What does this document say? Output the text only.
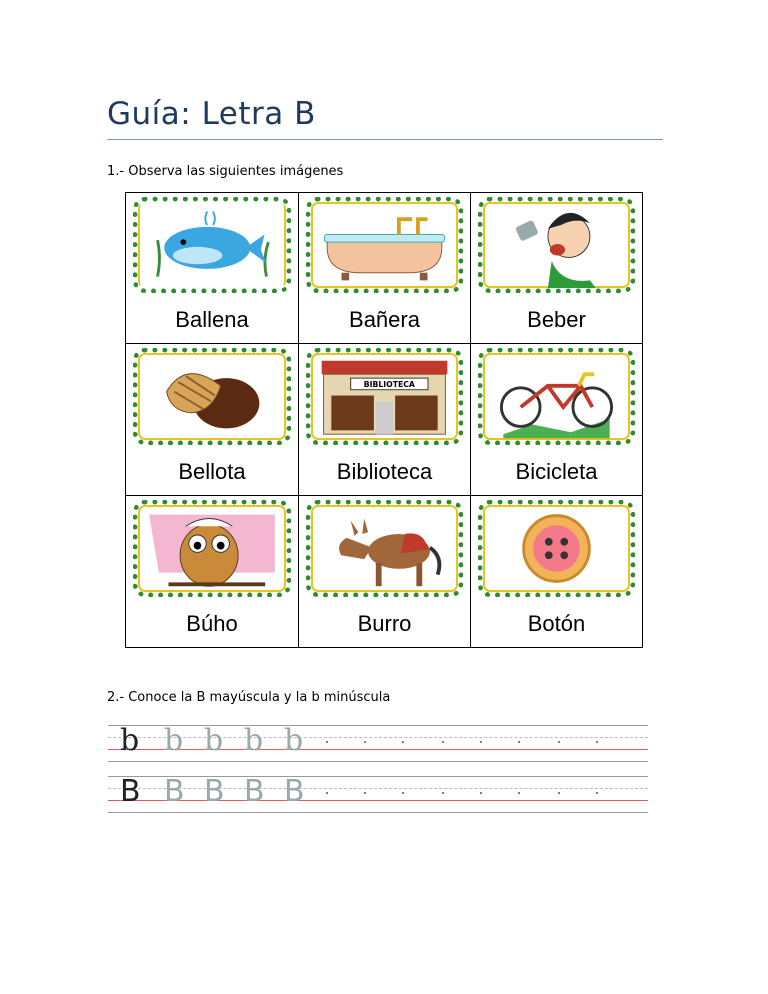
Guía: Letra B
1.- Observa las siguientes imágenes
Ballena	Bañera	Beber
BIBLIOTECA
Bellota	Biblioteca	Bicicleta
Búho	Burro	Botón
2.- Conoce la B mayúscula y la b minúscula
b b b b b
B B B B B
